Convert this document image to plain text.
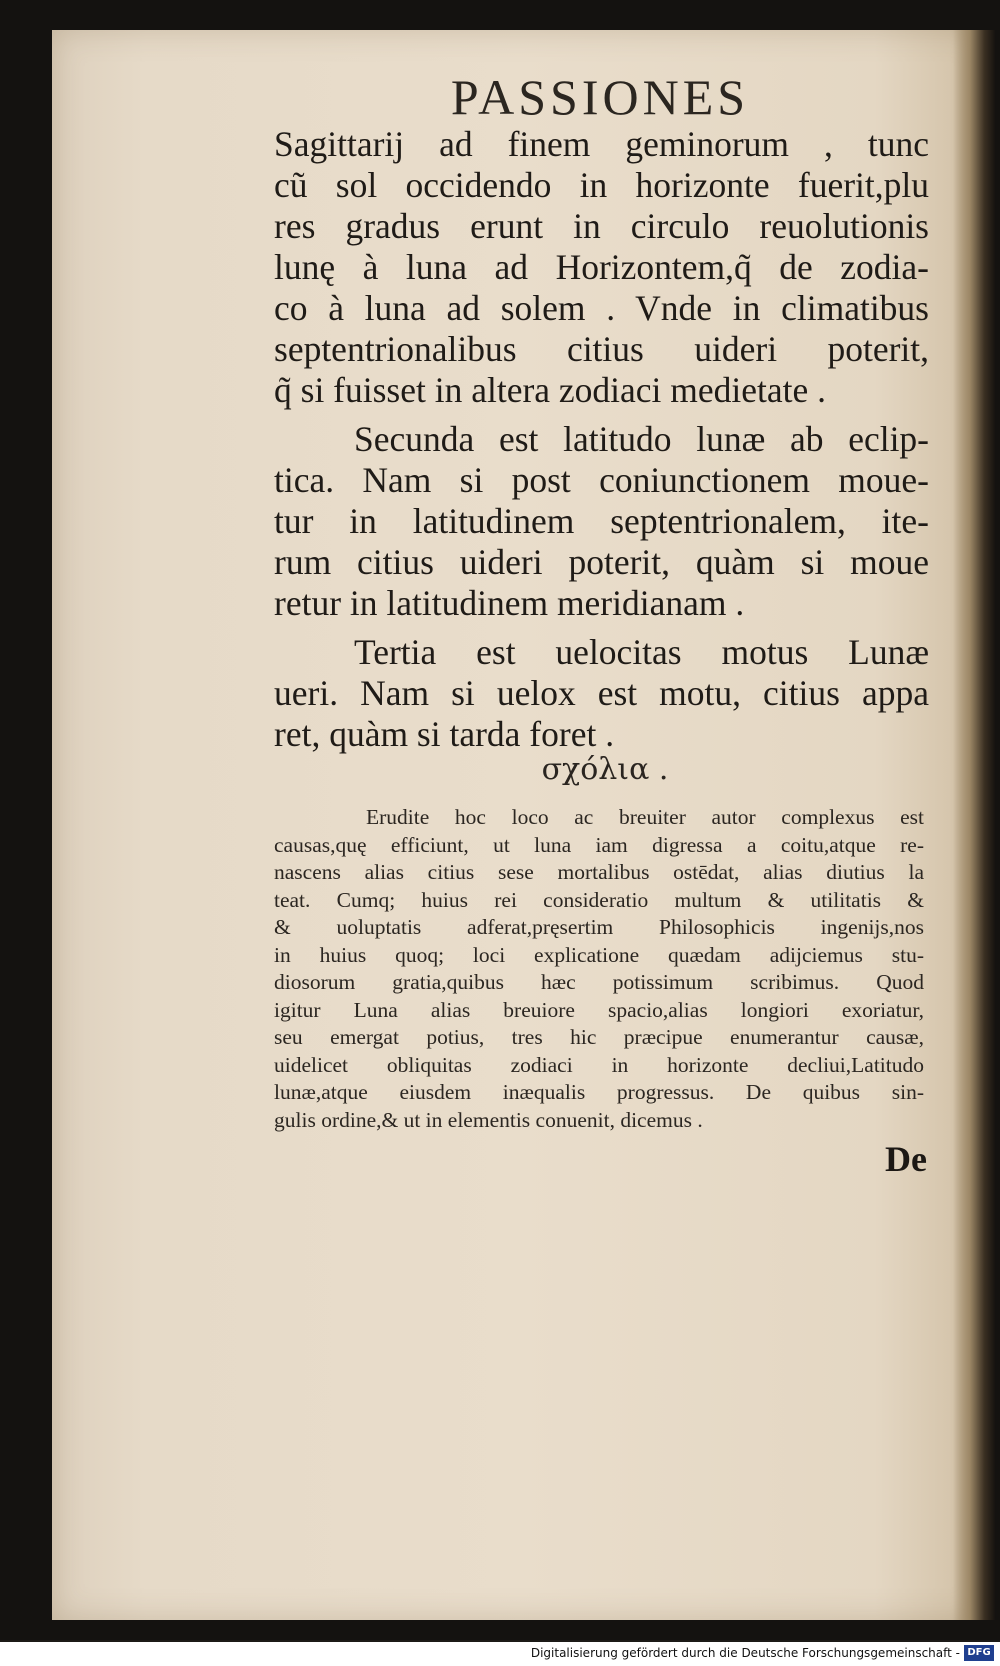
PASSIONES
Sagittarij ad finem geminorum , tunc
cũ sol occidendo in horizonte fuerit,plu
res gradus erunt in circulo reuolutionis
lunę à luna ad Horizontem,q̃ de zodia-
co à luna ad solem . Vnde in climatibus
septentrionalibus citius uideri poterit,
q̃ si fuisset in altera zodiaci medietate .
Secunda est latitudo lunæ ab eclip-
tica. Nam si post coniunctionem moue-
tur in latitudinem septentrionalem, ite-
rum citius uideri poterit, quàm si moue
retur in latitudinem meridianam .
Tertia est uelocitas motus Lunæ
ueri. Nam si uelox est motu, citius appa
ret, quàm si tarda foret .
σχόλια .
Erudite hoc loco ac breuiter autor complexus est
causas,quę efficiunt, ut luna iam digressa a coitu,atque re-
nascens alias citius sese mortalibus ostēdat, alias diutius la
teat. Cumq; huius rei consideratio multum & utilitatis &
& uoluptatis adferat,pręsertim Philosophicis ingenijs,nos
in huius quoq; loci explicatione quædam adijciemus stu-
diosorum gratia,quibus hæc potissimum scribimus. Quod
igitur Luna alias breuiore spacio,alias longiori exoriatur,
seu emergat potius, tres hic præcipue enumerantur causæ,
uidelicet obliquitas zodiaci in horizonte decliui,Latitudo
lunæ,atque eiusdem inæqualis progressus. De quibus sin-
gulis ordine,& ut in elementis conuenit, dicemus .
De
Digitalisierung gefördert durch die Deutsche Forschungsgemeinschaft - DFG
